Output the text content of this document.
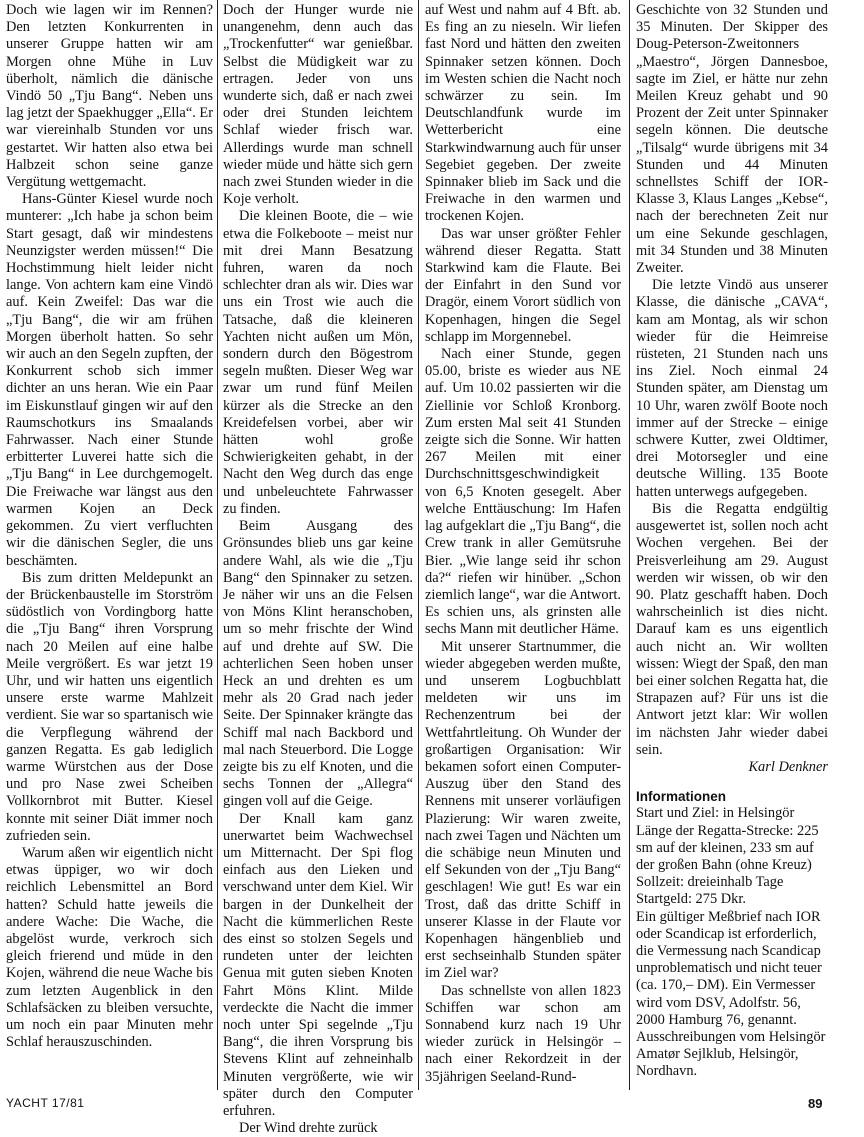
Doch wie lagen wir im Rennen? Den letzten Konkurrenten in unserer Gruppe hatten wir am Morgen ohne Mühe in Luv überholt, nämlich die dänische Vindö 50 „Tju Bang“. Neben uns lag jetzt der Spaekhugger „Ella“. Er war viereinhalb Stunden vor uns gestartet. Wir hatten also etwa bei Halbzeit schon seine ganze Vergütung wettgemacht.

Hans-Günter Kiesel wurde noch munterer: „Ich habe ja schon beim Start gesagt, daß wir mindestens Neunzigster werden müssen!“ Die Hochstimmung hielt leider nicht lange. Von achtern kam eine Vindö auf. Kein Zweifel: Das war die „Tju Bang“, die wir am frühen Morgen überholt hatten. So sehr wir auch an den Segeln zupften, der Konkurrent schob sich immer dichter an uns heran. Wie ein Paar im Eiskunstlauf gingen wir auf den Raumschotkurs ins Smaalands Fahrwasser. Nach einer Stunde erbitterter Luverei hatte sich die „Tju Bang“ in Lee durchgemogelt. Die Freiwache war längst aus den warmen Kojen an Deck gekommen. Zu viert verfluchten wir die dänischen Segler, die uns beschämten.

Bis zum dritten Meldepunkt an der Brückenbaustelle im Storström südöstlich von Vordingborg hatte die „Tju Bang“ ihren Vorsprung nach 20 Meilen auf eine halbe Meile vergrößert. Es war jetzt 19 Uhr, und wir hatten uns eigentlich unsere erste warme Mahlzeit verdient. Sie war so spartanisch wie die Verpflegung während der ganzen Regatta. Es gab lediglich warme Würstchen aus der Dose und pro Nase zwei Scheiben Vollkornbrot mit Butter. Kiesel konnte mit seiner Diät immer noch zufrieden sein.

Warum aßen wir eigentlich nicht etwas üppiger, wo wir doch reichlich Lebensmittel an Bord hatten? Schuld hatte jeweils die andere Wache: Die Wache, die abgelöst wurde, verkroch sich gleich frierend und müde in den Kojen, während die neue Wache bis zum letzten Augenblick in den Schlafsäcken zu bleiben versuchte, um noch ein paar Minuten mehr Schlaf herauszuschinden.

Doch der Hunger wurde nie unangenehm, denn auch das „Trockenfutter“ war genießbar. Selbst die Müdigkeit war zu ertragen. Jeder von uns wunderte sich, daß er nach zwei oder drei Stunden leichtem Schlaf wieder frisch war. Allerdings wurde man schnell wieder müde und hätte sich gern nach zwei Stunden wieder in die Koje verholt.

Die kleinen Boote, die – wie etwa die Folkeboote – meist nur mit drei Mann Besatzung fuhren, waren da noch schlechter dran als wir. Dies war uns ein Trost wie auch die Tatsache, daß die kleineren Yachten nicht außen um Mön, sondern durch den Bögestrom segeln mußten. Dieser Weg war zwar um rund fünf Meilen kürzer als die Strecke an den Kreidefelsen vorbei, aber wir hätten wohl große Schwierigkeiten gehabt, in der Nacht den Weg durch das enge und unbeleuchtete Fahrwasser zu finden.

Beim Ausgang des Grönsundes blieb uns gar keine andere Wahl, als wie die „Tju Bang“ den Spinnaker zu setzen. Je näher wir uns an die Felsen von Möns Klint heranschoben, um so mehr frischte der Wind auf und drehte auf SW. Die achterlichen Seen hoben unser Heck an und drehten es um mehr als 20 Grad nach jeder Seite. Der Spinnaker krängte das Schiff mal nach Backbord und mal nach Steuerbord. Die Logge zeigte bis zu elf Knoten, und die sechs Tonnen der „Allegra“ gingen voll auf die Geige.

Der Knall kam ganz unerwartet beim Wachwechsel um Mitternacht. Der Spi flog einfach aus den Lieken und verschwand unter dem Kiel. Wir bargen in der Dunkelheit der Nacht die kümmerlichen Reste des einst so stolzen Segels und rundeten unter der leichten Genua mit guten sieben Knoten Fahrt Möns Klint. Milde verdeckte die Nacht die immer noch unter Spi segelnde „Tju Bang“, die ihren Vorsprung bis Stevens Klint auf zehneinhalb Minuten vergrößerte, wie wir später durch den Computer erfuhren.

Der Wind drehte zurück

auf West und nahm auf 4 Bft. ab. Es fing an zu nieseln. Wir liefen fast Nord und hätten den zweiten Spinnaker setzen können. Doch im Westen schien die Nacht noch schwärzer zu sein. Im Deutschlandfunk wurde im Wetterbericht eine Starkwindwarnung auch für unser Segebiet gegeben. Der zweite Spinnaker blieb im Sack und die Freiwache in den warmen und trockenen Kojen.

Das war unser größter Fehler während dieser Regatta. Statt Starkwind kam die Flaute. Bei der Einfahrt in den Sund vor Dragör, einem Vorort südlich von Kopenhagen, hingen die Segel schlapp im Morgennebel.

Nach einer Stunde, gegen 05.00, briste es wieder aus NE auf. Um 10.02 passierten wir die Ziellinie vor Schloß Kronborg. Zum ersten Mal seit 41 Stunden zeigte sich die Sonne. Wir hatten 267 Meilen mit einer Durchschnittsgeschwindigkeit von 6,5 Knoten gesegelt. Aber welche Enttäuschung: Im Hafen lag aufgeklart die „Tju Bang“, die Crew trank in aller Gemütsruhe Bier. „Wie lange seid ihr schon da?“ riefen wir hinüber. „Schon ziemlich lange“, war die Antwort. Es schien uns, als grinsten alle sechs Mann mit deutlicher Häme.

Mit unserer Startnummer, die wieder abgegeben werden mußte, und unserem Logbuchblatt meldeten wir uns im Rechenzentrum bei der Wettfahrtleitung. Oh Wunder der großartigen Organisation: Wir bekamen sofort einen Computer-Auszug über den Stand des Rennens mit unserer vorläufigen Plazierung: Wir waren zweite, nach zwei Tagen und Nächten um die schäbige neun Minuten und elf Sekunden von der „Tju Bang“ geschlagen! Wie gut! Es war ein Trost, daß das dritte Schiff in unserer Klasse in der Flaute vor Kopenhagen hängenblieb und erst sechseinhalb Stunden später im Ziel war?

Das schnellste von allen 1823 Schiffen war schon am Sonnabend kurz nach 19 Uhr wieder zurück in Helsingör – nach einer Rekordzeit in der 35jährigen Seeland-Rund-

Geschichte von 32 Stunden und 35 Minuten. Der Skipper des Doug-Peterson-Zweitonners „Maestro“, Jörgen Dannesboe, sagte im Ziel, er hätte nur zehn Meilen Kreuz gehabt und 90 Prozent der Zeit unter Spinnaker segeln können. Die deutsche „Tilsalg“ wurde übrigens mit 34 Stunden und 44 Minuten schnellstes Schiff der IOR-Klasse 3, Klaus Langes „Kebse“, nach der berechneten Zeit nur um eine Sekunde geschlagen, mit 34 Stunden und 38 Minuten Zweiter.

Die letzte Vindö aus unserer Klasse, die dänische „CAVA“, kam am Montag, als wir schon wieder für die Heimreise rüsteten, 21 Stunden nach uns ins Ziel. Noch einmal 24 Stunden später, am Dienstag um 10 Uhr, waren zwölf Boote noch immer auf der Strecke – einige schwere Kutter, zwei Oldtimer, drei Motorsegler und eine deutsche Willing. 135 Boote hatten unterwegs aufgegeben.

Bis die Regatta endgültig ausgewertet ist, sollen noch acht Wochen vergehen. Bei der Preisverleihung am 29. August werden wir wissen, ob wir den 90. Platz geschafft haben. Doch wahrscheinlich ist dies nicht. Darauf kam es uns eigentlich auch nicht an. Wir wollten wissen: Wiegt der Spaß, den man bei einer solchen Regatta hat, die Strapazen auf? Für uns ist die Antwort jetzt klar: Wir wollen im nächsten Jahr wieder dabei sein.

Karl Denkner
Informationen

Start und Ziel: in Helsingör

Länge der Regatta-Strecke: 225 sm auf der kleinen, 233 sm auf der großen Bahn (ohne Kreuz)

Sollzeit: dreieinhalb Tage

Startgeld: 275 Dkr.

Ein gültiger Meßbrief nach IOR oder Scandicap ist erforderlich, die Vermessung nach Scandicap unproblematisch und nicht teuer (ca. 170,– DM). Ein Vermesser wird vom DSV, Adolfstr. 56, 2000 Hamburg 76, genannt.

Ausschreibungen vom Helsingör Amatør Sejlklub, Helsingör, Nordhavn.

YACHT 17/81	89
